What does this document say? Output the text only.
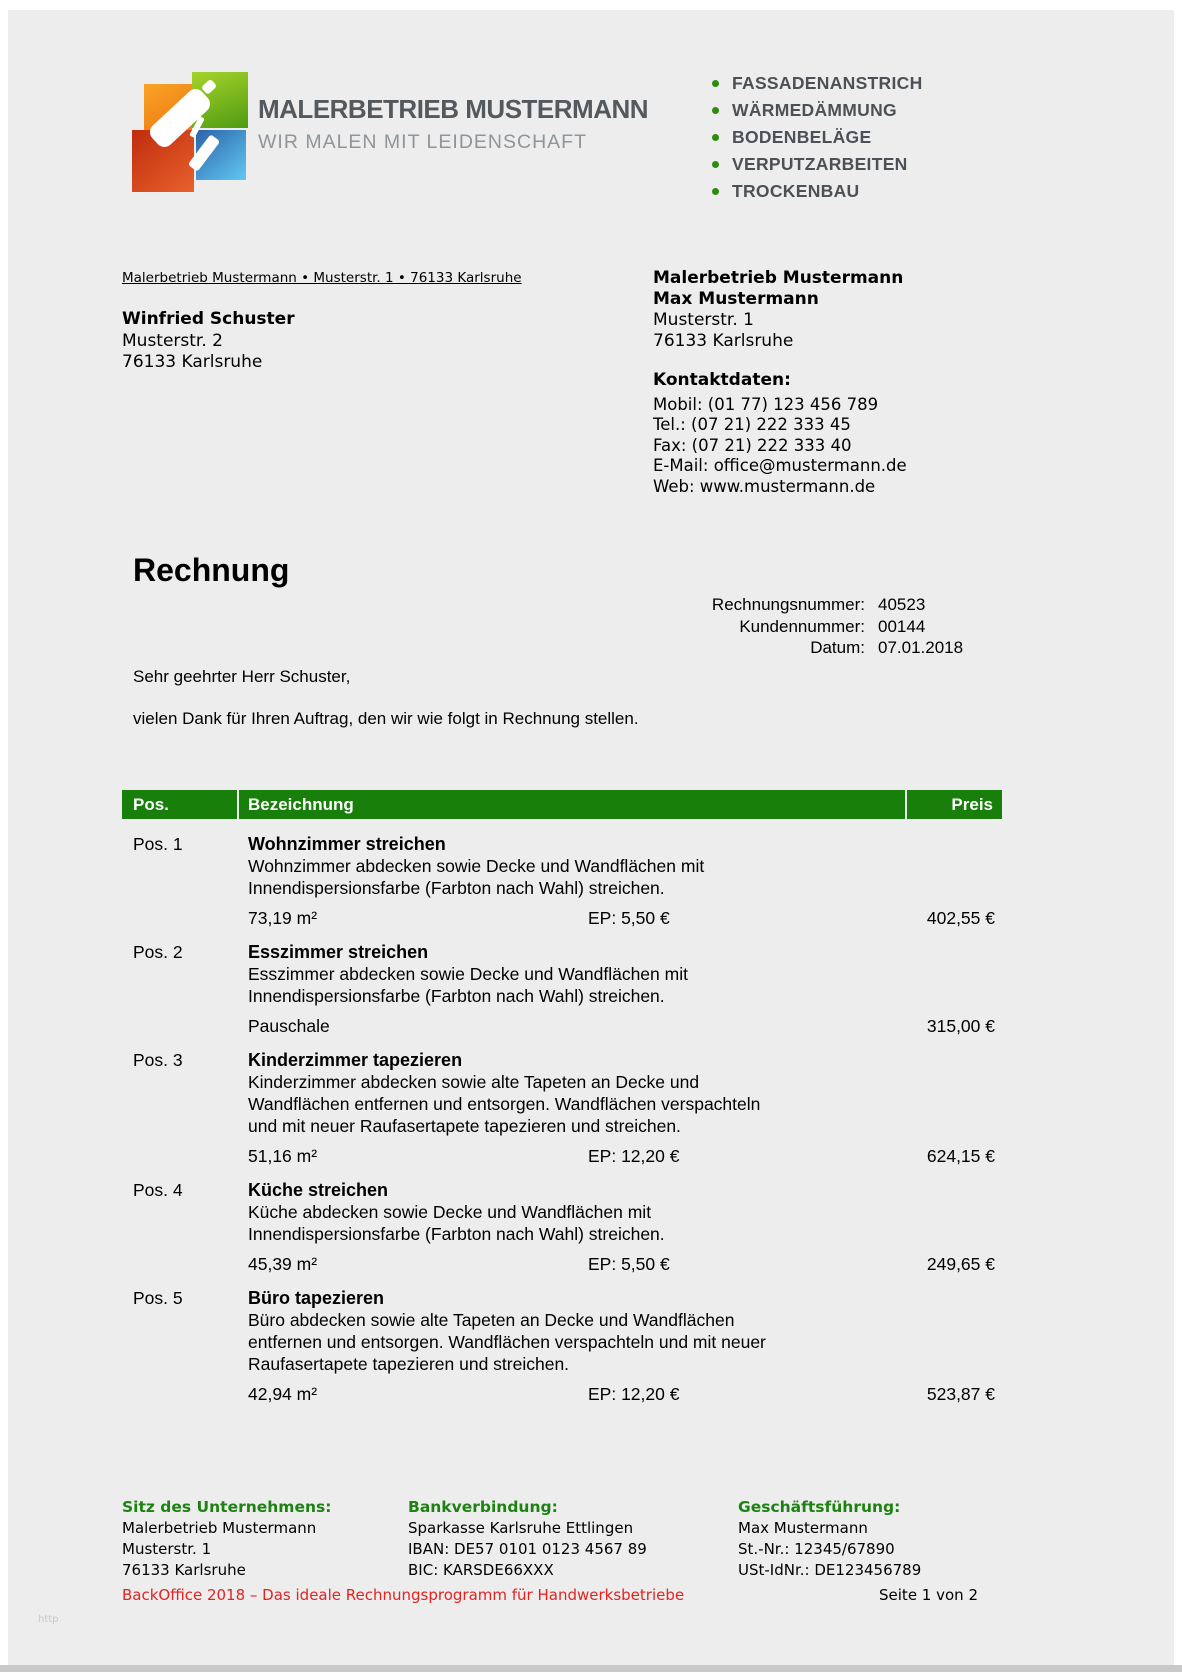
MALERBETRIEB MUSTERMANN
WIR MALEN MIT LEIDENSCHAFT
FASSADENANSTRICH
WÄRMEDÄMMUNG
BODENBELÄGE
VERPUTZARBEITEN
TROCKENBAU
Malerbetrieb Mustermann • Musterstr. 1 • 76133 Karlsruhe
Winfried Schuster
Musterstr. 2
76133 Karlsruhe
Malerbetrieb Mustermann
Max Mustermann
Musterstr. 1
76133 Karlsruhe
Kontaktdaten:
Mobil: (01 77) 123 456 789
Tel.: (07 21) 222 333 45
Fax: (07 21) 222 333 40
E-Mail: office@mustermann.de
Web: www.mustermann.de
Rechnung
Rechnungsnummer: 40523
Kundennummer: 00144
Datum: 07.01.2018
Sehr geehrter Herr Schuster,
vielen Dank für Ihren Auftrag, den wir wie folgt in Rechnung stellen.
Pos.	Bezeichnung	Preis
Pos. 1	Wohnzimmer streichen
Wohnzimmer abdecken sowie Decke und Wandflächen mit
Innendispersionsfarbe (Farbton nach Wahl) streichen.
73,19 m²	EP: 5,50 €	402,55 €
Pos. 2	Esszimmer streichen
Esszimmer abdecken sowie Decke und Wandflächen mit
Innendispersionsfarbe (Farbton nach Wahl) streichen.
Pauschale	315,00 €
Pos. 3	Kinderzimmer tapezieren
Kinderzimmer abdecken sowie alte Tapeten an Decke und
Wandflächen entfernen und entsorgen. Wandflächen verspachteln
und mit neuer Raufasertapete tapezieren und streichen.
51,16 m²	EP: 12,20 €	624,15 €
Pos. 4	Küche streichen
Küche abdecken sowie Decke und Wandflächen mit
Innendispersionsfarbe (Farbton nach Wahl) streichen.
45,39 m²	EP: 5,50 €	249,65 €
Pos. 5	Büro tapezieren
Büro abdecken sowie alte Tapeten an Decke und Wandflächen
entfernen und entsorgen. Wandflächen verspachteln und mit neuer
Raufasertapete tapezieren und streichen.
42,94 m²	EP: 12,20 €	523,87 €
Sitz des Unternehmens:
Malerbetrieb Mustermann
Musterstr. 1
76133 Karlsruhe
Bankverbindung:
Sparkasse Karlsruhe Ettlingen
IBAN: DE57 0101 0123 4567 89
BIC: KARSDE66XXX
Geschäftsführung:
Max Mustermann
St.-Nr.: 12345/67890
USt-IdNr.: DE123456789
BackOffice 2018 – Das ideale Rechnungsprogramm für Handwerksbetriebe	Seite 1 von 2
http
